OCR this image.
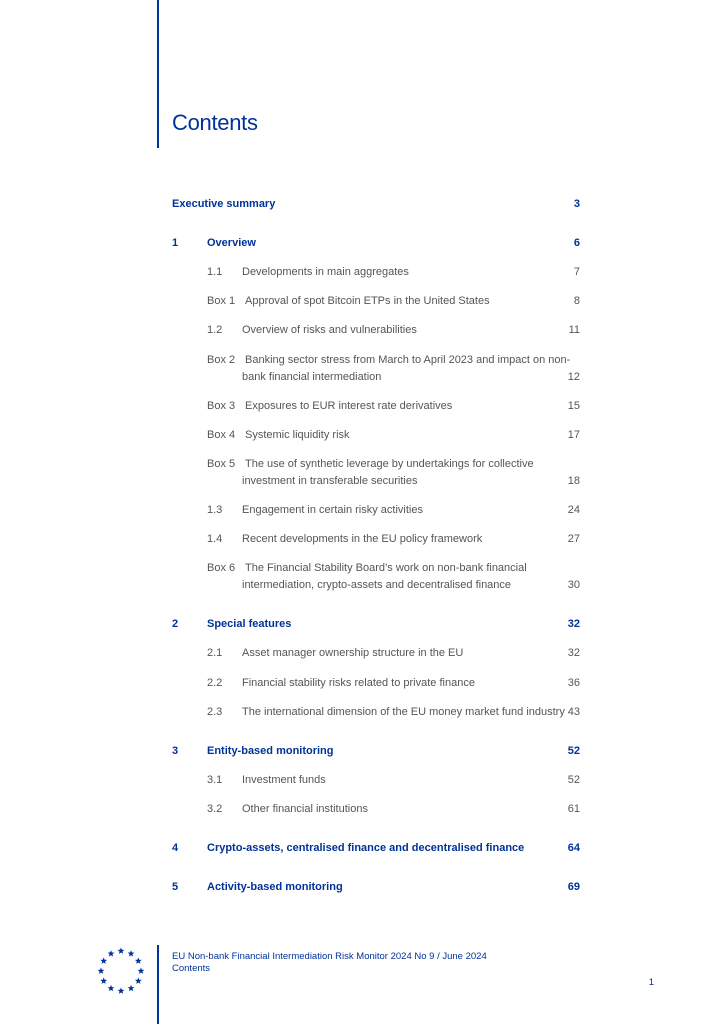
Contents
Executive summary	3
1	Overview	6
1.1 Developments in main aggregates	7
Box 1 Approval of spot Bitcoin ETPs in the United States	8
1.2 Overview of risks and vulnerabilities	11
Box 2 Banking sector stress from March to April 2023 and impact on non-
bank financial intermediation	12
Box 3 Exposures to EUR interest rate derivatives	15
Box 4 Systemic liquidity risk	17
Box 5 The use of synthetic leverage by undertakings for collective
investment in transferable securities	18
1.3 Engagement in certain risky activities	24
1.4 Recent developments in the EU policy framework	27
Box 6 The Financial Stability Board’s work on non-bank financial
intermediation, crypto-assets and decentralised finance	30
2	Special features	32
2.1 Asset manager ownership structure in the EU	32
2.2 Financial stability risks related to private finance	36
2.3 The international dimension of the EU money market fund industry 43
3	Entity-based monitoring	52
3.1 Investment funds	52
3.2 Other financial institutions	61
4	Crypto-assets, centralised finance and decentralised finance	64
5	Activity-based monitoring	69
EU Non-bank Financial Intermediation Risk Monitor 2024 No 9 / June 2024
Contents
1
